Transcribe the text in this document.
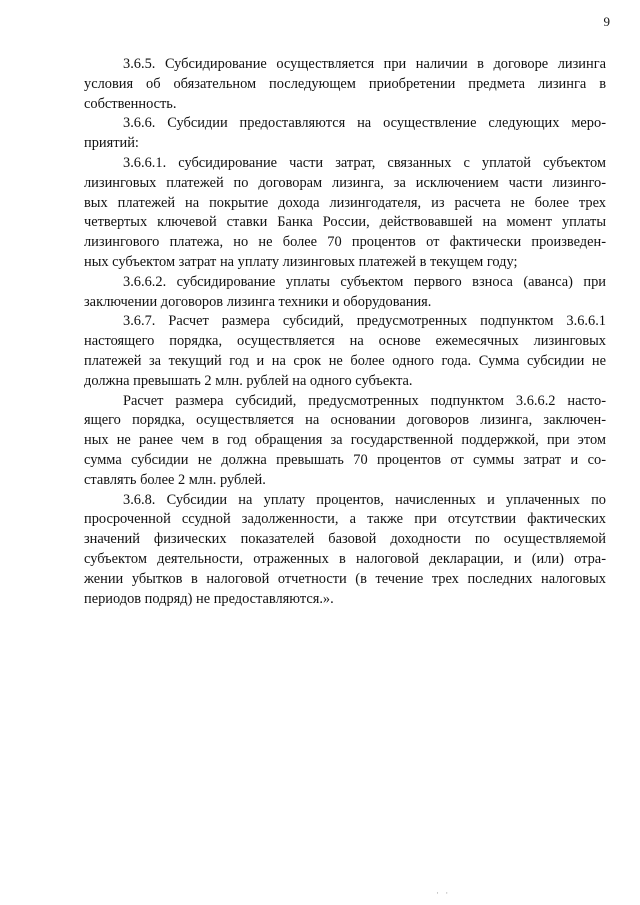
9
3.6.5. Субсидирование осуществляется при наличии в договоре лизинга
условия об обязательном последующем приобретении предмета лизинга в
собственность.
3.6.6. Субсидии предоставляются на осуществление следующих меро-
приятий:
3.6.6.1. субсидирование части затрат, связанных с уплатой субъектом
лизинговых платежей по договорам лизинга, за исключением части лизинго-
вых платежей на покрытие дохода лизингодателя, из расчета не более трех
четвертых ключевой ставки Банка России, действовавшей на момент уплаты
лизингового платежа, но не более 70 процентов от фактически произведен-
ных субъектом затрат на уплату лизинговых платежей в текущем году;
3.6.6.2. субсидирование уплаты субъектом первого взноса (аванса) при
заключении договоров лизинга техники и оборудования.
3.6.7. Расчет размера субсидий, предусмотренных подпунктом 3.6.6.1
настоящего порядка, осуществляется на основе ежемесячных лизинговых
платежей за текущий год и на срок не более одного года. Сумма субсидии не
должна превышать 2 млн. рублей на одного субъекта.
Расчет размера субсидий, предусмотренных подпунктом 3.6.6.2 насто-
ящего порядка, осуществляется на основании договоров лизинга, заключен-
ных не ранее чем в год обращения за государственной поддержкой, при этом
сумма субсидии не должна превышать 70 процентов от суммы затрат и со-
ставлять более 2 млн. рублей.
3.6.8. Субсидии на уплату процентов, начисленных и уплаченных по
просроченной ссудной задолженности, а также при отсутствии фактических
значений физических показателей базовой доходности по осуществляемой
субъектом деятельности, отраженных в налоговой декларации, и (или) отра-
жении убытков в налоговой отчетности (в течение трех последних налоговых
периодов подряд) не предоставляются.».
· ·
